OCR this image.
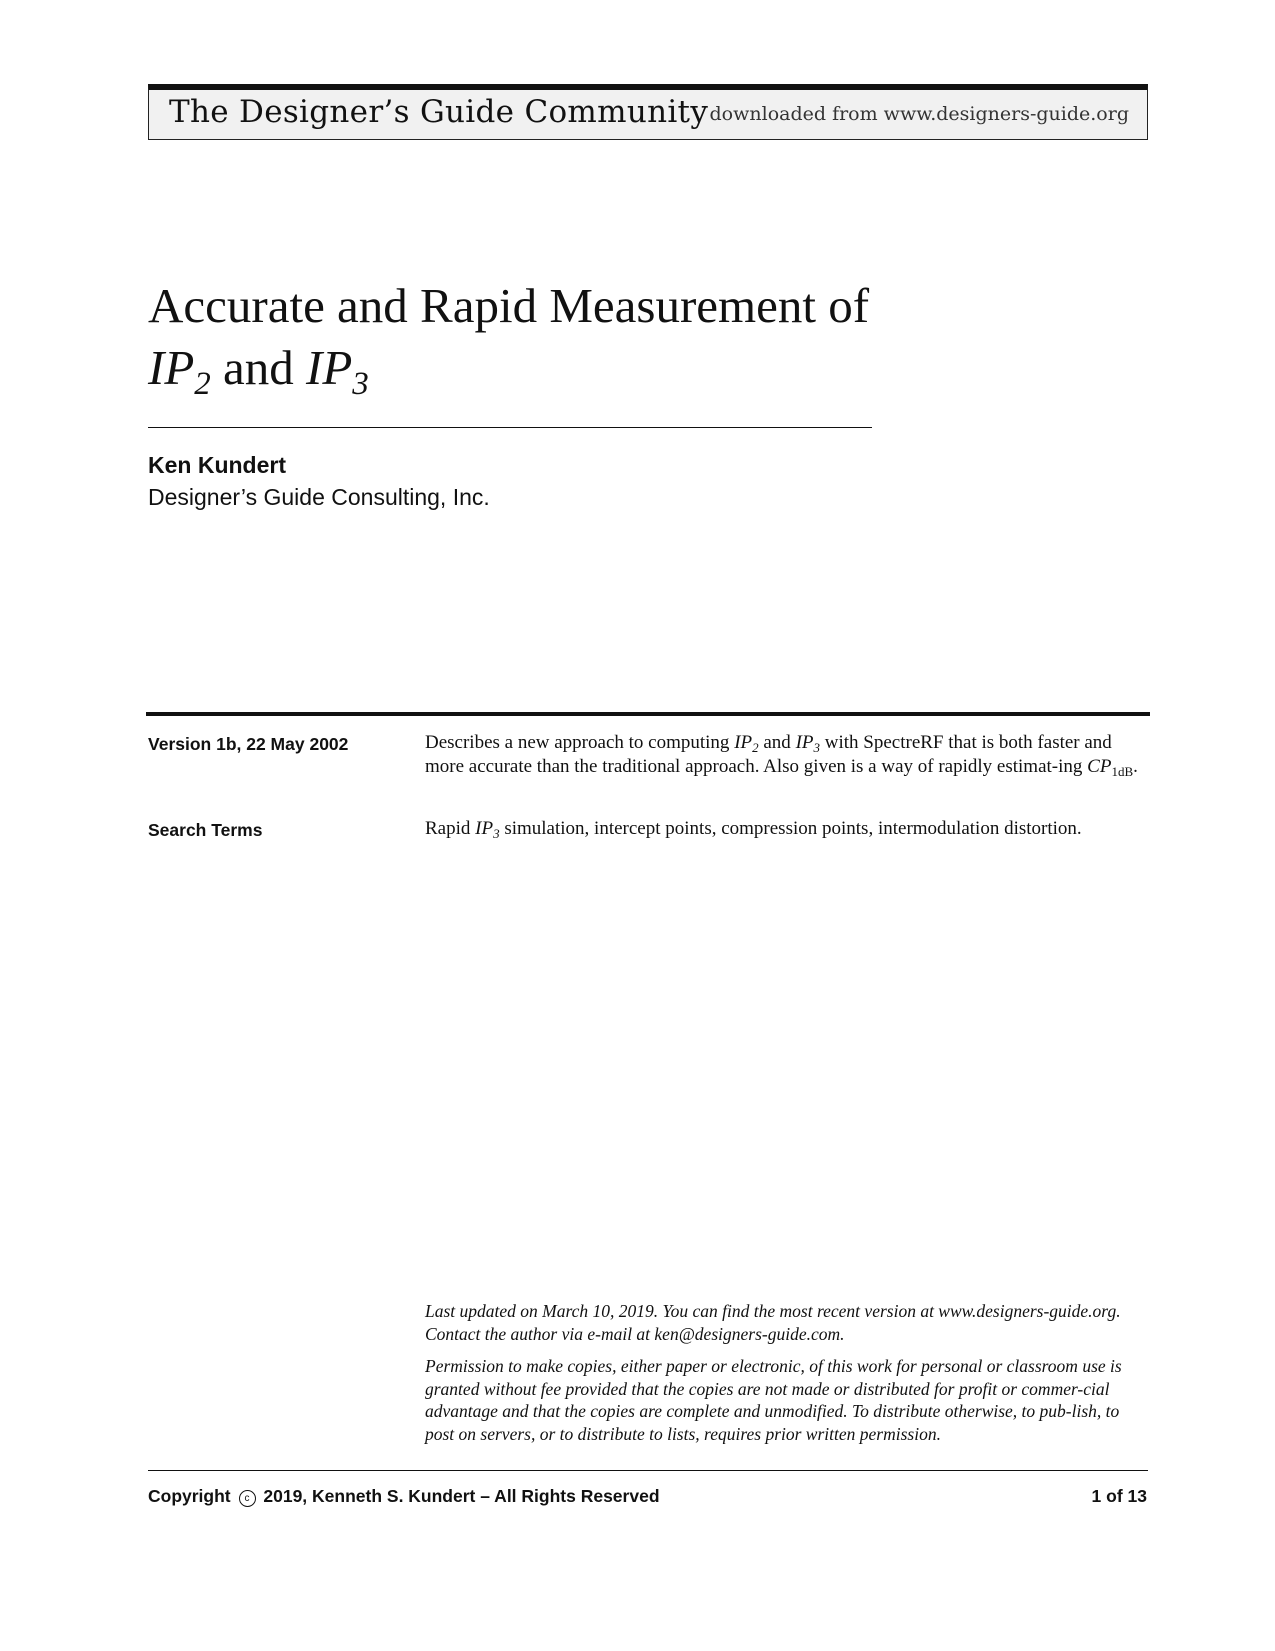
The Designer’s Guide Community downloaded from www.designers-guide.org
Accurate and Rapid Measurement of
$IP_2$ and $IP_3$
Ken Kundert
Designer’s Guide Consulting, Inc.
Version 1b, 22 May 2002	Describes a new approach to computing $IP_2$ and $IP_3$ with SpectreRF that is both faster and more accurate than the traditional approach. Also given is a way of rapidly estimat-ing $CP_{1dB}$.
Search Terms	Rapid $IP_3$ simulation, intercept points, compression points, intermodulation distortion.

Last updated on March 10, 2019. You can find the most recent version at www.designers-guide.org. Contact the author via e-mail at ken@designers-guide.com.

Permission to make copies, either paper or electronic, of this work for personal or classroom use is granted without fee provided that the copies are not made or distributed for profit or commer-cial advantage and that the copies are complete and unmodified. To distribute otherwise, to pub-lish, to post on servers, or to distribute to lists, requires prior written permission.

Copyright c 2019, Kenneth S. Kundert – All Rights Reserved	1 of 13
